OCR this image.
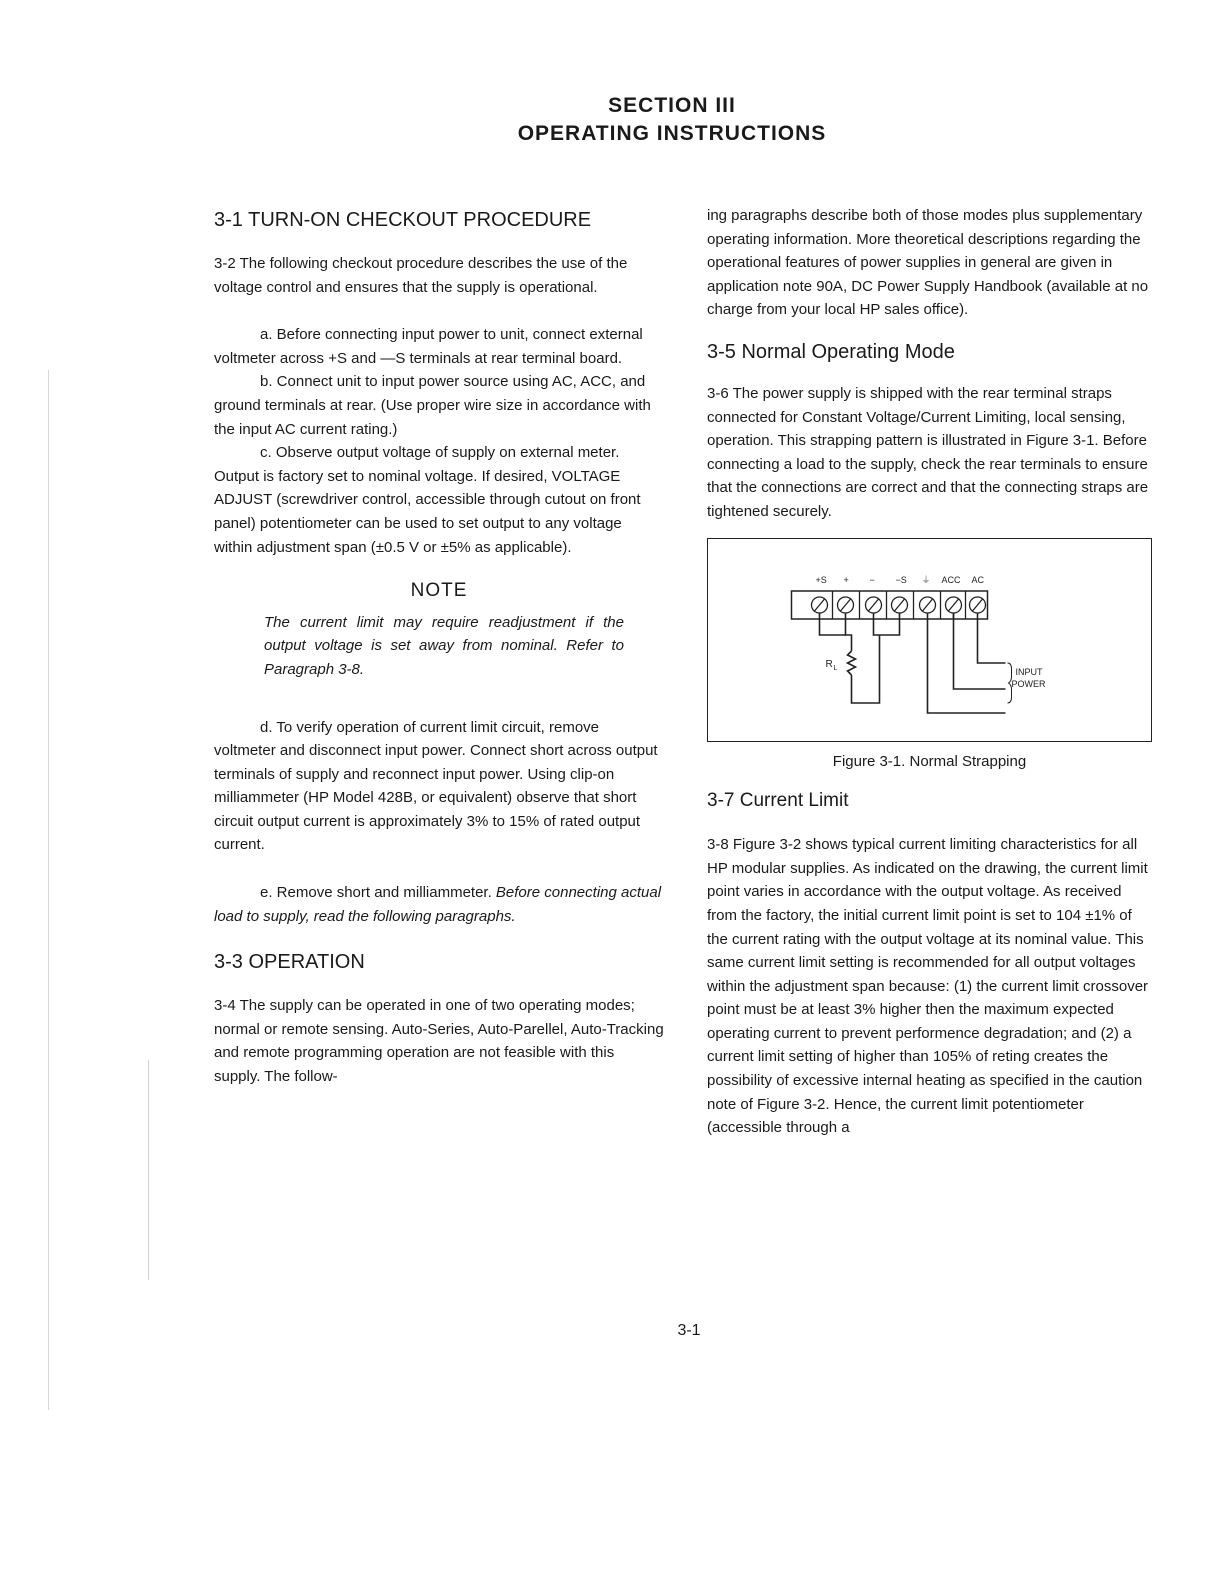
SECTION III
OPERATING INSTRUCTIONS
3-1 TURN-ON CHECKOUT PROCEDURE

3-2 The following checkout procedure describes the use of the voltage control and ensures that the supply is operational.

a. Before connecting input power to unit, connect external voltmeter across +S and —S terminals at rear terminal board.

b. Connect unit to input power source using AC, ACC, and ground terminals at rear. (Use proper wire size in accordance with the input AC current rating.)

c. Observe output voltage of supply on external meter. Output is factory set to nominal voltage. If desired, VOLTAGE ADJUST (screwdriver control, accessible through cutout on front panel) potentiometer can be used to set output to any voltage within adjustment span (±0.5 V or ±5% as applicable).

NOTE

The current limit may require readjustment if the output voltage is set away from nominal. Refer to Paragraph 3-8.

d. To verify operation of current limit circuit, remove voltmeter and disconnect input power. Connect short across output terminals of supply and reconnect input power. Using clip-on milliammeter (HP Model 428B, or equivalent) observe that short circuit output current is approximately 3% to 15% of rated output current.

e. Remove short and milliammeter. Before connecting actual load to supply, read the following paragraphs.

3-3 OPERATION

3-4 The supply can be operated in one of two operating modes; normal or remote sensing. Auto-Series, Auto-Parellel, Auto-Tracking and remote programming operation are not feasible with this supply. The follow-

ing paragraphs describe both of those modes plus supplementary operating information. More theoretical descriptions regarding the operational features of power supplies in general are given in application note 90A, DC Power Supply Handbook (available at no charge from your local HP sales office).

3-5 Normal Operating Mode

3-6 The power supply is shipped with the rear terminal straps connected for Constant Voltage/Current Limiting, local sensing, operation. This strapping pattern is illustrated in Figure 3-1. Before connecting a load to the supply, check the rear terminals to ensure that the connections are correct and that the connecting straps are tightened securely.

+S + − −S ⏚ ACC AC
R L	INPUT
POWER

Figure 3-1. Normal Strapping

3-7 Current Limit

3-8 Figure 3-2 shows typical current limiting characteristics for all HP modular supplies. As indicated on the drawing, the current limit point varies in accordance with the output voltage. As received from the factory, the initial current limit point is set to 104 ±1% of the current rating with the output voltage at its nominal value. This same current limit setting is recommended for all output voltages within the adjustment span because: (1) the current limit crossover point must be at least 3% higher then the maximum expected operating current to prevent performence degradation; and (2) a current limit setting of higher than 105% of reting creates the possibility of excessive internal heating as specified in the caution note of Figure 3-2. Hence, the current limit potentiometer (accessible through a

3-1
